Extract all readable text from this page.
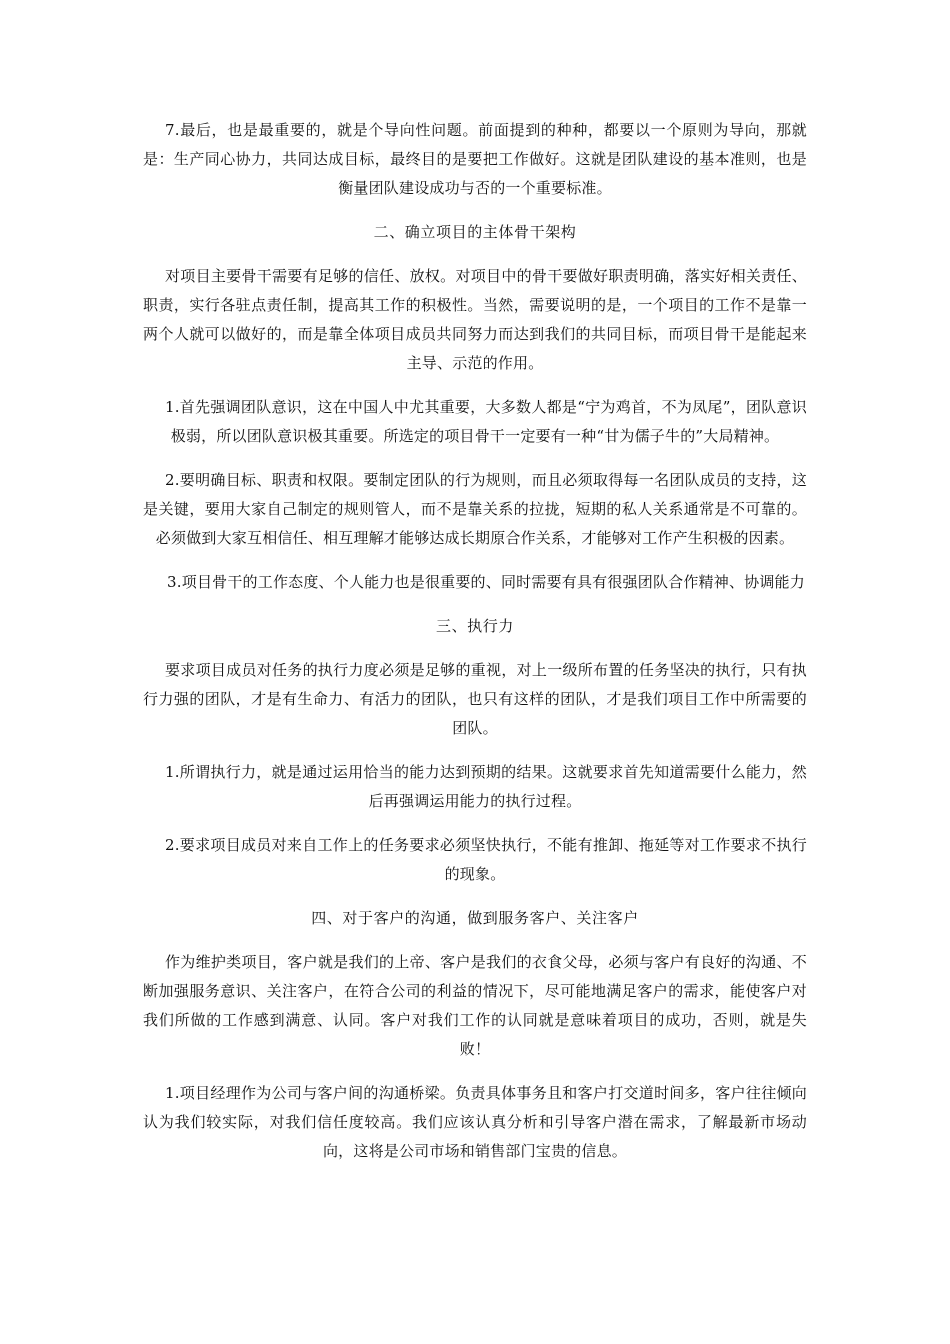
7.最后，也是最重要的，就是个导向性问题。前面提到的种种，都要以一个原则为导向，那就是：生产同心协力，共同达成目标，最终目的是要把工作做好。这就是团队建设的基本准则，也是衡量团队建设成功与否的一个重要标准。

二、确立项目的主体骨干架构

对项目主要骨干需要有足够的信任、放权。对项目中的骨干要做好职责明确，落实好相关责任、职责，实行各驻点责任制，提高其工作的积极性。当然，需要说明的是，一个项目的工作不是靠一两个人就可以做好的，而是靠全体项目成员共同努力而达到我们的共同目标，而项目骨干是能起来主导、示范的作用。

1.首先强调团队意识，这在中国人中尤其重要，大多数人都是“宁为鸡首，不为凤尾”，团队意识极弱，所以团队意识极其重要。所选定的项目骨干一定要有一种“甘为儒子牛的”大局精神。

2.要明确目标、职责和权限。要制定团队的行为规则，而且必须取得每一名团队成员的支持，这是关键，要用大家自己制定的规则管人，而不是靠关系的拉拢，短期的私人关系通常是不可靠的。必须做到大家互相信任、相互理解才能够达成长期原合作关系，才能够对工作产生积极的因素。

3.项目骨干的工作态度、个人能力也是很重要的、同时需要有具有很强团队合作精神、协调能力

三、执行力

要求项目成员对任务的执行力度必须是足够的重视，对上一级所布置的任务坚决的执行，只有执行力强的团队，才是有生命力、有活力的团队，也只有这样的团队，才是我们项目工作中所需要的团队。

1.所谓执行力，就是通过运用恰当的能力达到预期的结果。这就要求首先知道需要什么能力，然后再强调运用能力的执行过程。

2.要求项目成员对来自工作上的任务要求必须坚快执行，不能有推卸、拖延等对工作要求不执行的现象。

四、对于客户的沟通，做到服务客户、关注客户

作为维护类项目，客户就是我们的上帝、客户是我们的衣食父母，必须与客户有良好的沟通、不断加强服务意识、关注客户，在符合公司的利益的情况下，尽可能地满足客户的需求，能使客户对我们所做的工作感到满意、认同。客户对我们工作的认同就是意味着项目的成功，否则，就是失败！

1.项目经理作为公司与客户间的沟通桥梁。负责具体事务且和客户打交道时间多，客户往往倾向认为我们较实际，对我们信任度较高。我们应该认真分析和引导客户潜在需求，了解最新市场动向，这将是公司市场和销售部门宝贵的信息。
